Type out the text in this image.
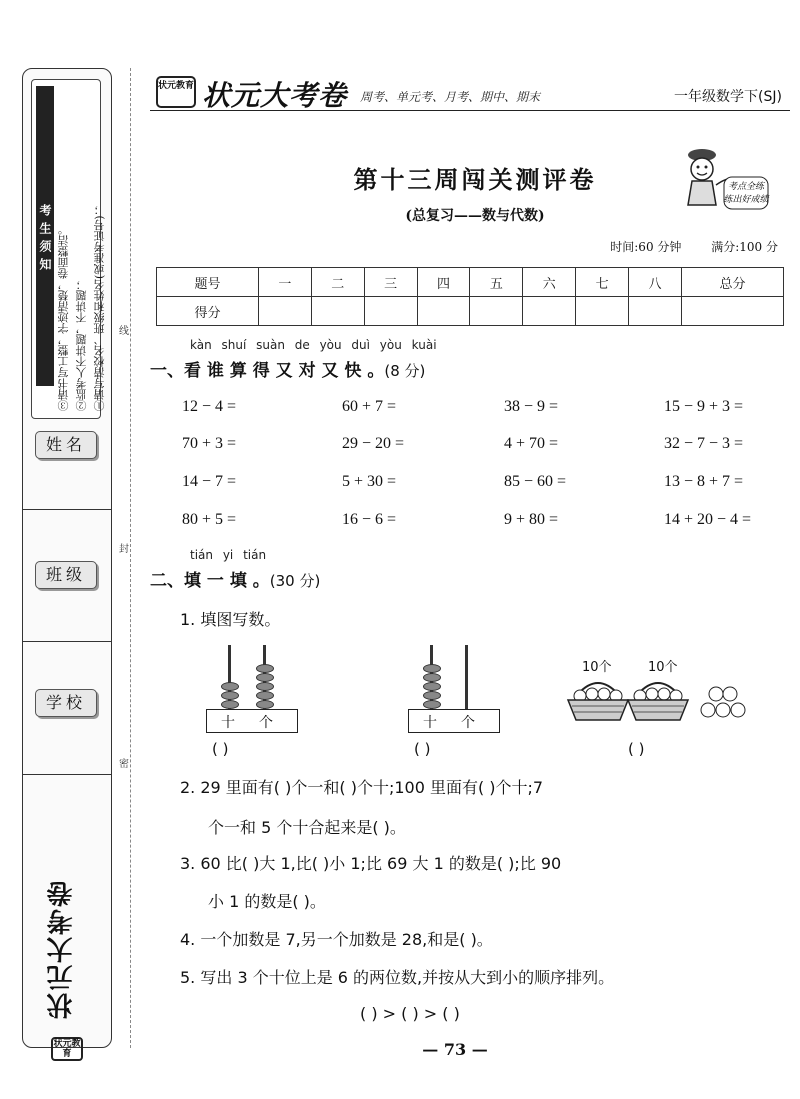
考生须知	①请写清校名、班级和姓名(或准考证号)；
②监考人不讲题，不讲题；
③请书写工整，字迹清楚，卷面整洁。
姓名
班级
学校
状元大考卷
状元教育
线
封
密
状元教育 状元大考卷 周考、单元考、月考、期中、期末	一年级数学下(SJ)
第十三周闯关测评卷
(总复习——数与代数)
考点全练
练出好成绩
时间:60 分钟 满分:100 分
题号	一	二	三	四	五	六	七	八	总分
得分									
kàn shuí suàn de yòu duì yòu kuài
一、看 谁 算 得 又 对 又 快 。(8 分)
12 − 4 =	60 + 7 =	38 − 9 =	15 − 9 + 3 =
70 + 3 =	29 − 20 =	4 + 70 =	32 − 7 − 3 =
14 − 7 =	5 + 30 =	85 − 60 =	13 − 8 + 7 =
80 + 5 =	16 − 6 =	9 + 80 =	14 + 20 − 4 =
tián yi tián
二、填 一 填 。(30 分)
1. 填图写数。
十 个
( )
十 个
( )
10个	10个
( )
2. 29 里面有( )个一和( )个十;100 里面有( )个十;7
个一和 5 个十合起来是( )。
3. 60 比( )大 1,比( )小 1;比 69 大 1 的数是( );比 90
小 1 的数是( )。
4. 一个加数是 7,另一个加数是 28,和是( )。
5. 写出 3 个十位上是 6 的两位数,并按从大到小的顺序排列。
( ) > ( ) > ( )
— 73 —
